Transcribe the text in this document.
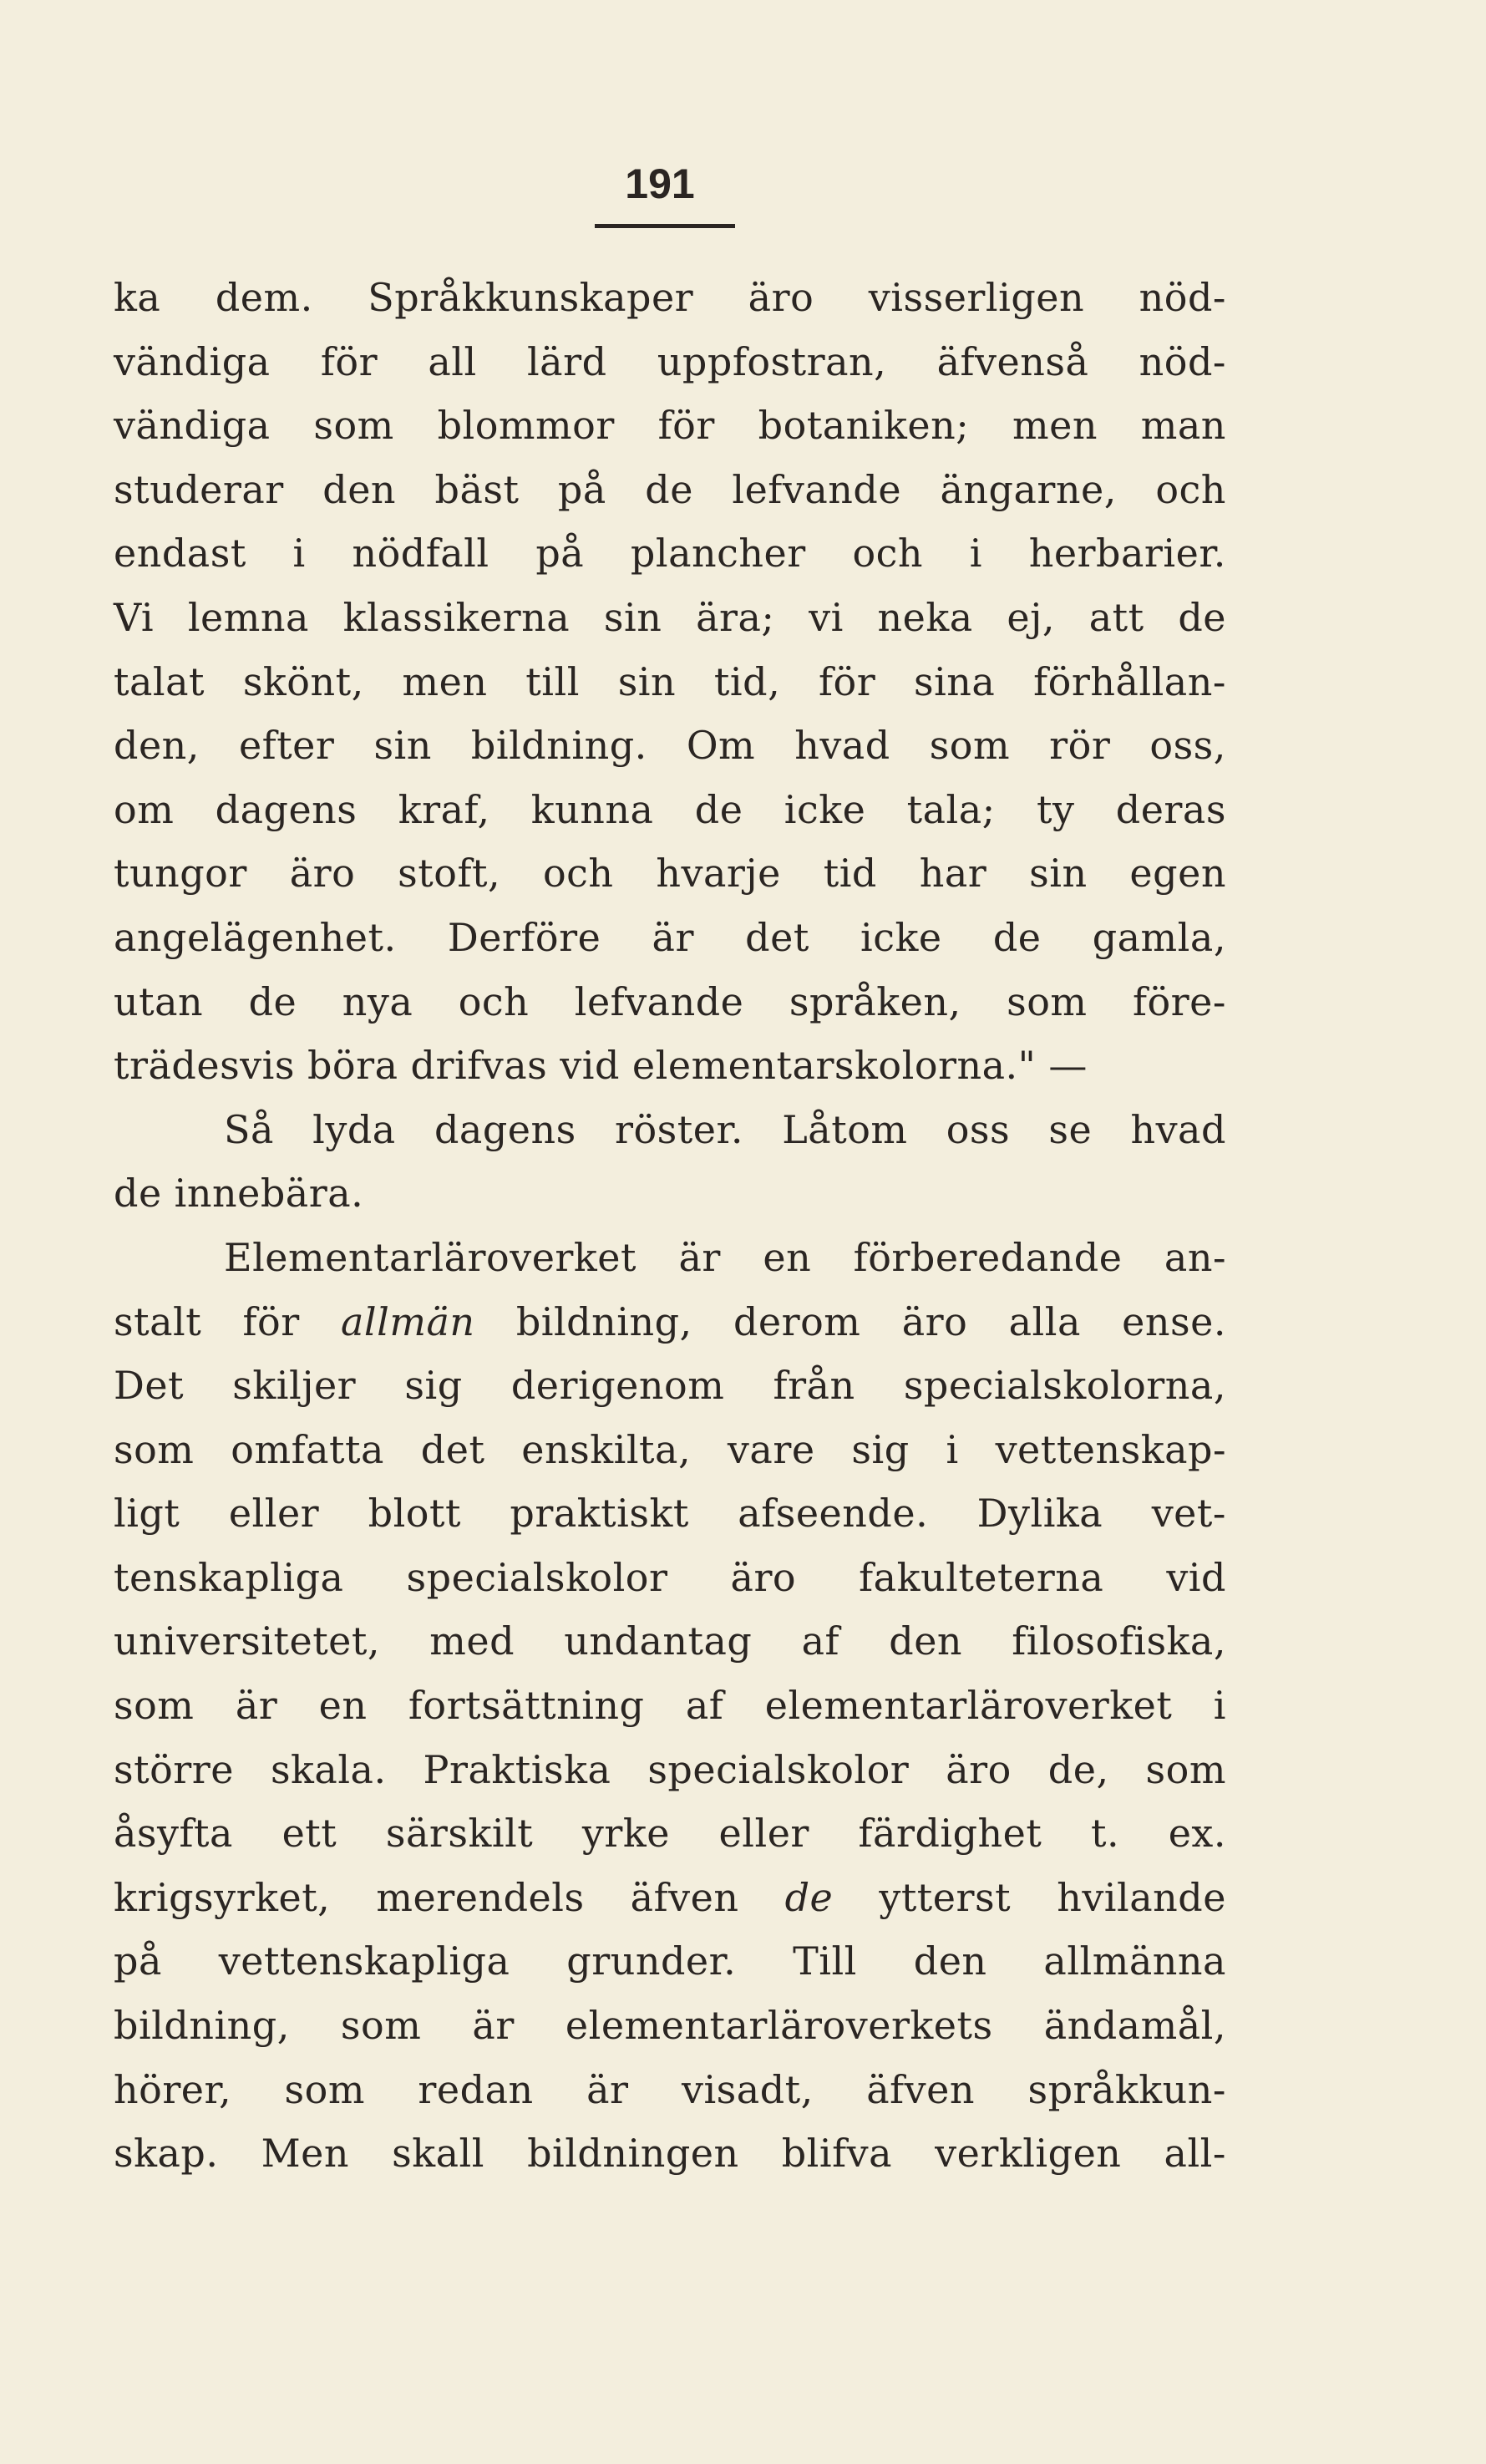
191
ka dem. Språkkunskaper äro visserligen nöd-
vändiga för all lärd uppfostran, äfvenså nöd-
vändiga som blommor för botaniken; men man
studerar den bäst på de lefvande ängarne, och
endast i nödfall på plancher och i herbarier.
Vi lemna klassikerna sin ära; vi neka ej, att de
talat skönt, men till sin tid, för sina förhållan-
den, efter sin bildning. Om hvad som rör oss,
om dagens kraf, kunna de icke tala; ty deras
tungor äro stoft, och hvarje tid har sin egen
angelägenhet. Derföre är det icke de gamla,
utan de nya och lefvande språken, som före-
trädesvis böra drifvas vid elementarskolorna." —
Så lyda dagens röster. Låtom oss se hvad
de innebära.
Elementarläroverket är en förberedande an-
stalt för allmän bildning, derom äro alla ense.
Det skiljer sig derigenom från specialskolorna,
som omfatta det enskilta, vare sig i vettenskap-
ligt eller blott praktiskt afseende. Dylika vet-
tenskapliga specialskolor äro fakulteterna vid
universitetet, med undantag af den filosofiska,
som är en fortsättning af elementarläroverket i
större skala. Praktiska specialskolor äro de, som
åsyfta ett särskilt yrke eller färdighet t. ex.
krigsyrket, merendels äfven de ytterst hvilande
på vettenskapliga grunder. Till den allmänna
bildning, som är elementarläroverkets ändamål,
hörer, som redan är visadt, äfven språkkun-
skap. Men skall bildningen blifva verkligen all-
